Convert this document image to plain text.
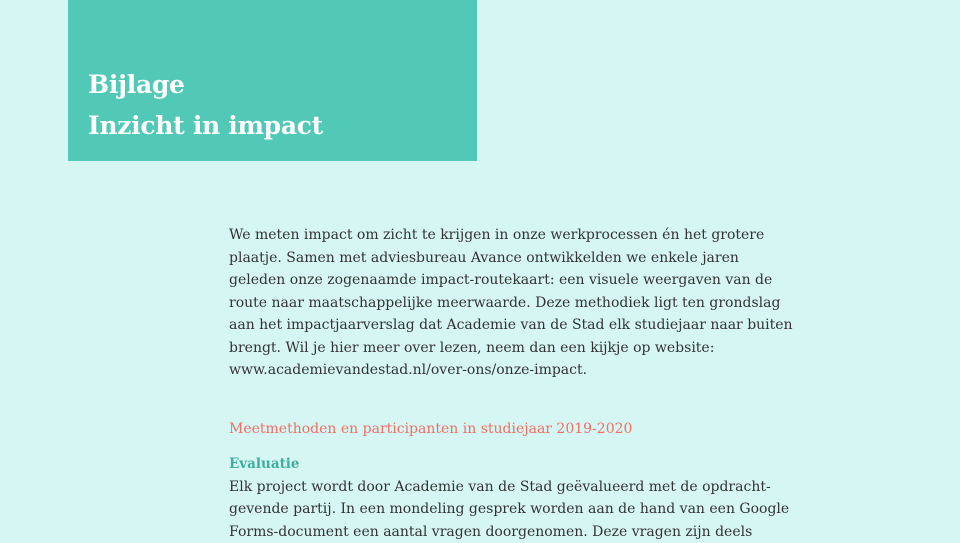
Bijlage
Inzicht in impact

We meten impact om zicht te krijgen in onze werkprocessen én het grotere
plaatje. Samen met adviesbureau Avance ontwikkelden we enkele jaren
geleden onze zogenaamde impact-routekaart: een visuele weergaven van de
route naar maatschappelijke meerwaarde. Deze methodiek ligt ten grondslag
aan het impactjaarverslag dat Academie van de Stad elk studiejaar naar buiten
brengt. Wil je hier meer over lezen, neem dan een kijkje op website:
www.academievandestad.nl/over-ons/onze-impact.

Meetmethoden en participanten in studiejaar 2019-2020
Evaluatie

Elk project wordt door Academie van de Stad geëvalueerd met de opdracht-
gevende partij. In een mondeling gesprek worden aan de hand van een Google
Forms-document een aantal vragen doorgenomen. Deze vragen zijn deels
